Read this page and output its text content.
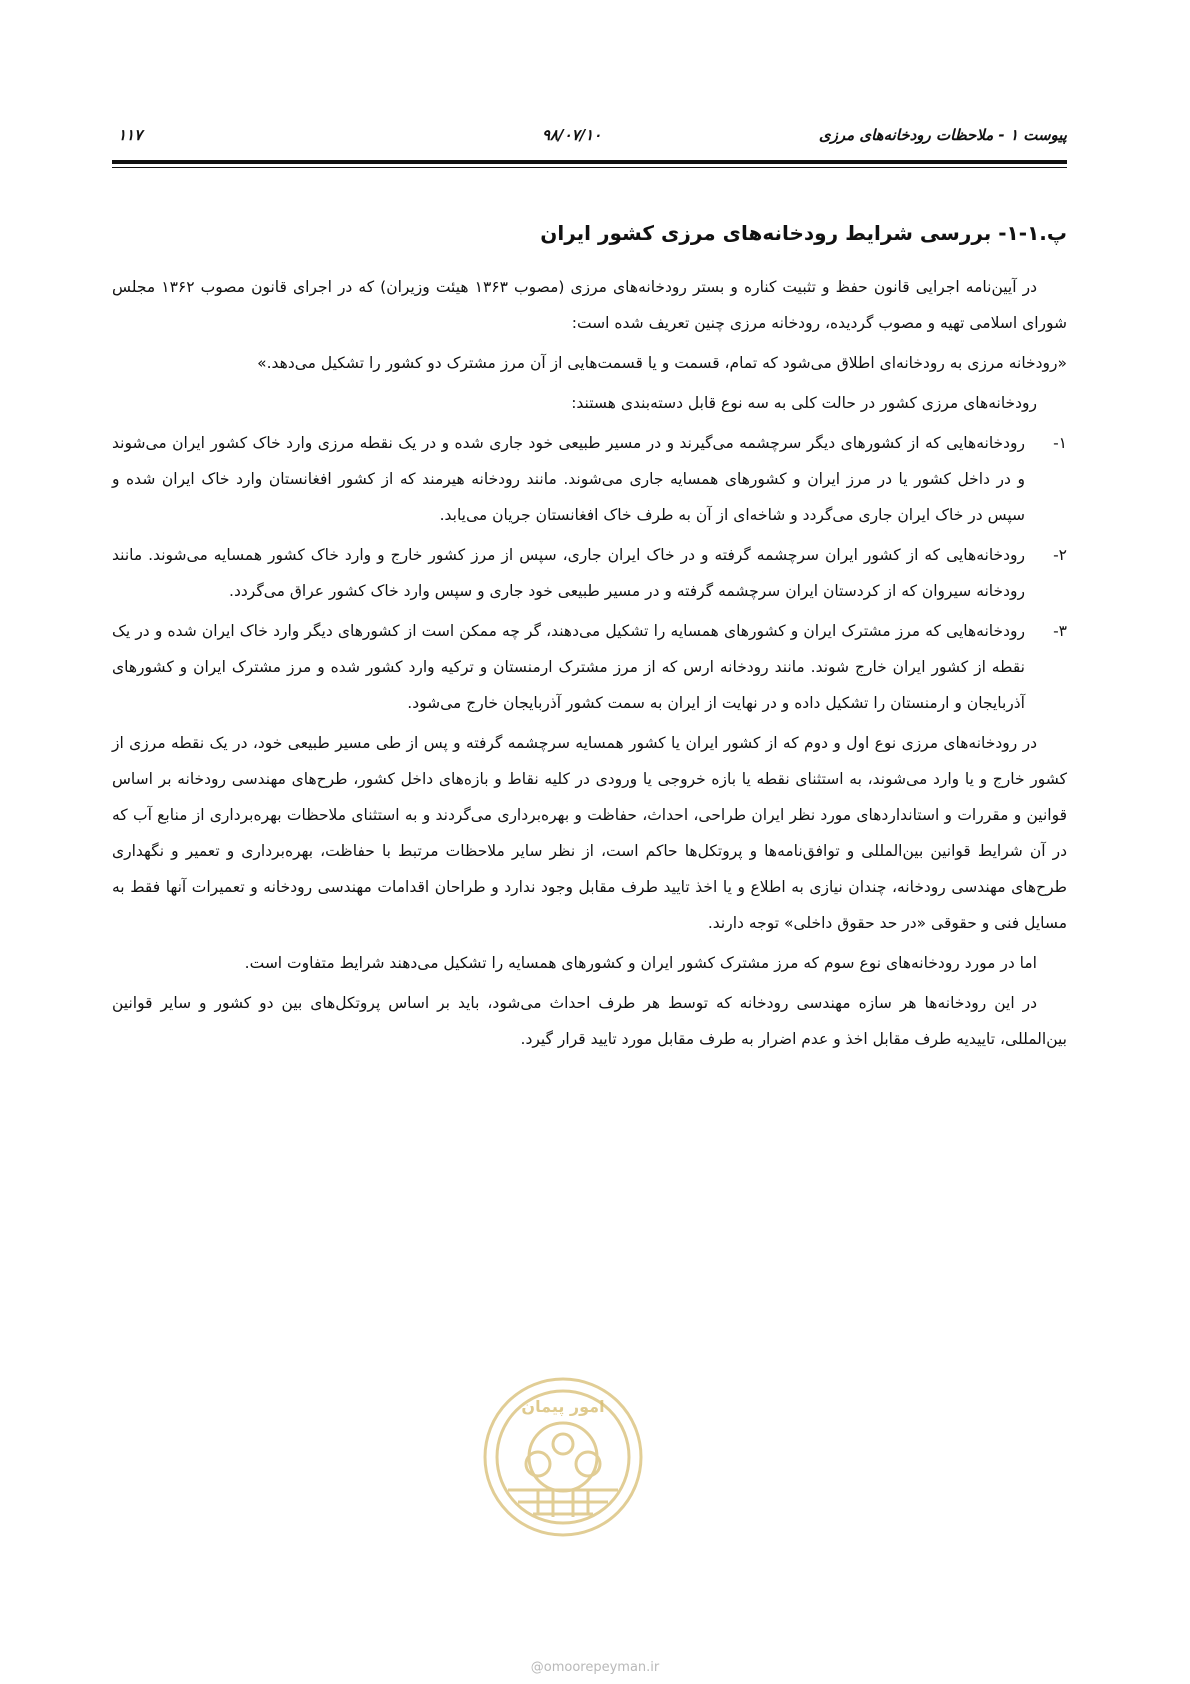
پیوست ۱ - ملاحظات رودخانه‌های مرزی
۹۸/۰۷/۱۰
۱۱۷
پ.۱-۱- بررسی شرایط رودخانه‌های مرزی کشور ایران

در آیین‌نامه اجرایی قانون حفظ و تثبیت کناره و بستر رودخانه‌های مرزی (مصوب ۱۳۶۳ هیئت وزیران) که در اجرای قانون مصوب ۱۳۶۲ مجلس شورای اسلامی تهیه و مصوب گردیده، رودخانه مرزی چنین تعریف شده است:

«رودخانه مرزی به رودخانه‌ای اطلاق می‌شود که تمام، قسمت و یا قسمت‌هایی از آن مرز مشترک دو کشور را تشکیل می‌دهد.»

رودخانه‌های مرزی کشور در حالت کلی به سه نوع قابل دسته‌بندی هستند:

۱-
رودخانه‌هایی که از کشورهای دیگر سرچشمه می‌گیرند و در مسیر طبیعی خود جاری شده و در یک نقطه مرزی وارد خاک کشور ایران می‌شوند و در داخل کشور یا در مرز ایران و کشورهای همسایه جاری می‌شوند. مانند رودخانه هیرمند که از کشور افغانستان وارد خاک ایران شده و سپس در خاک ایران جاری می‌گردد و شاخه‌ای از آن به طرف خاک افغانستان جریان می‌یابد.
۲-
رودخانه‌هایی که از کشور ایران سرچشمه گرفته و در خاک ایران جاری، سپس از مرز کشور خارج و وارد خاک کشور همسایه می‌شوند. مانند رودخانه سیروان که از کردستان ایران سرچشمه گرفته و در مسیر طبیعی خود جاری و سپس وارد خاک کشور عراق می‌گردد.
۳-
رودخانه‌هایی که مرز مشترک ایران و کشورهای همسایه را تشکیل می‌دهند، گر چه ممکن است از کشورهای دیگر وارد خاک ایران شده و در یک نقطه از کشور ایران خارج شوند. مانند رودخانه ارس که از مرز مشترک ارمنستان و ترکیه وارد کشور شده و مرز مشترک ایران و کشورهای آذربایجان و ارمنستان را تشکیل داده و در نهایت از ایران به سمت کشور آذربایجان خارج می‌شود.

در رودخانه‌های مرزی نوع اول و دوم که از کشور ایران یا کشور همسایه سرچشمه گرفته و پس از طی مسیر طبیعی خود، در یک نقطه مرزی از کشور خارج و یا وارد می‌شوند، به استثنای نقطه یا بازه خروجی یا ورودی در کلیه نقاط و بازه‌های داخل کشور، طرح‌های مهندسی رودخانه بر اساس قوانین و مقررات و استانداردهای مورد نظر ایران طراحی، احداث، حفاظت و بهره‌برداری می‌گردند و به استثنای ملاحظات بهره‌برداری از منابع آب که در آن شرایط قوانین بین‌المللی و توافق‌نامه‌ها و پروتکل‌ها حاکم است، از نظر سایر ملاحظات مرتبط با حفاظت، بهره‌برداری و تعمیر و نگهداری طرح‌های مهندسی رودخانه، چندان نیازی به اطلاع و یا اخذ تایید طرف مقابل وجود ندارد و طراحان اقدامات مهندسی رودخانه و تعمیرات آنها فقط به مسایل فنی و حقوقی «در حد حقوق داخلی» توجه دارند.

اما در مورد رودخانه‌های نوع سوم که مرز مشترک کشور ایران و کشورهای همسایه را تشکیل می‌دهند شرایط متفاوت است.

در این رودخانه‌ها هر سازه مهندسی رودخانه که توسط هر طرف احداث می‌شود، باید بر اساس پروتکل‌های بین دو کشور و سایر قوانین بین‌المللی، تاییدیه طرف مقابل اخذ و عدم اضرار به طرف مقابل مورد تایید قرار گیرد.

امور پیمان
@omoorepeyman.ir
